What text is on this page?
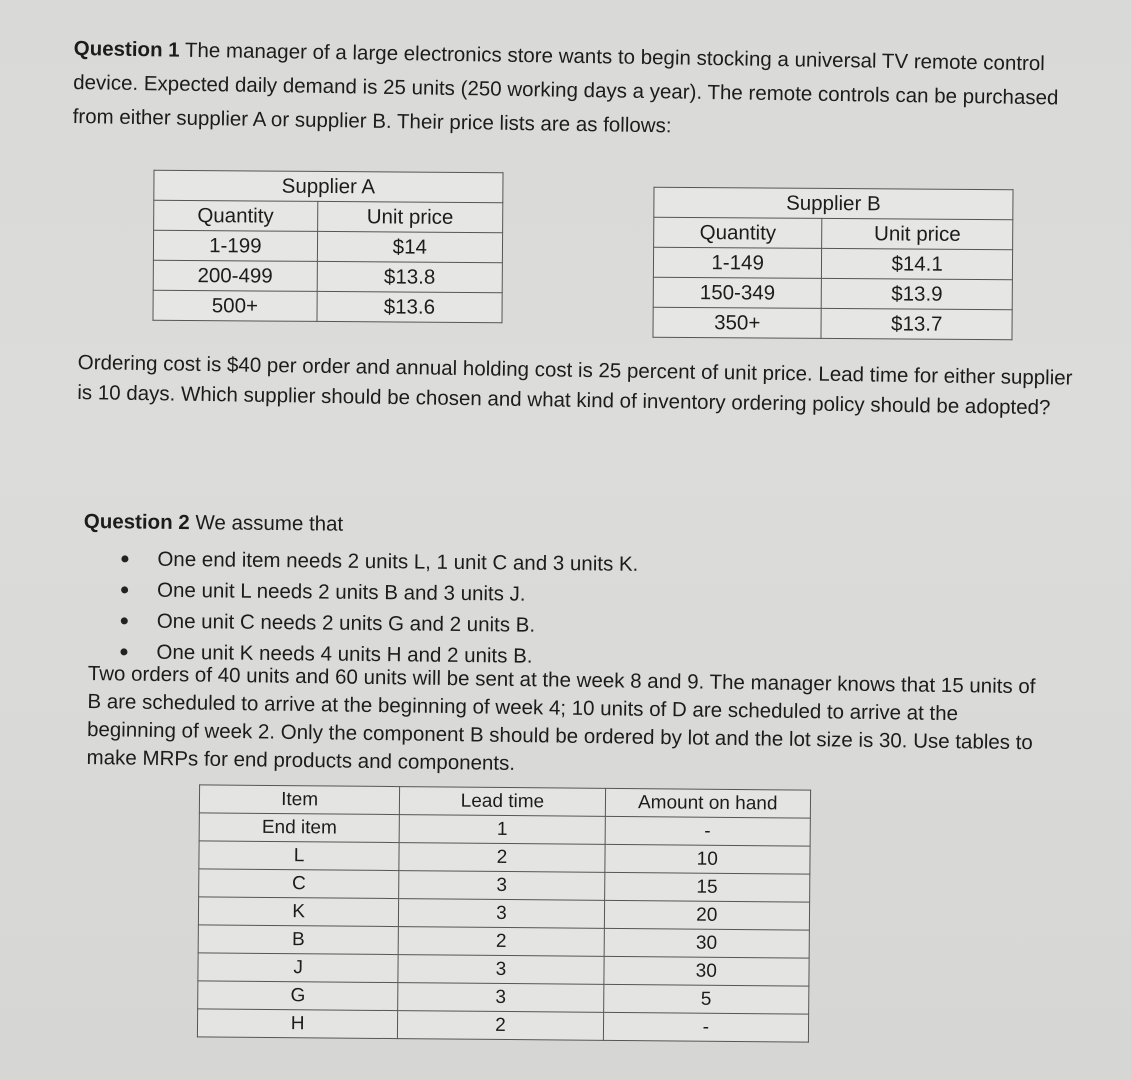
Question 1 The manager of a large electronics store wants to begin stocking a universal TV remote control device. Expected daily demand is 25 units (250 working days a year). The remote controls can be purchased from either supplier A or supplier B. Their price lists are as follows:

Supplier A	
Quantity	Unit price
1-199	$14
200-499	$13.8
500+	$13.6
Supplier B	
Quantity	Unit price
1-149	$14.1
150-349	$13.9
350+	$13.7

Ordering cost is $40 per order and annual holding cost is 25 percent of unit price. Lead time for either supplier is 10 days. Which supplier should be chosen and what kind of inventory ordering policy should be adopted?

Question 2 We assume that
One end item needs 2 units L, 1 unit C and 3 units K.
One unit L needs 2 units B and 3 units J.
One unit C needs 2 units G and 2 units B.
One unit K needs 4 units H and 2 units B.

Two orders of 40 units and 60 units will be sent at the week 8 and 9. The manager knows that 15 units of B are scheduled to arrive at the beginning of week 4; 10 units of D are scheduled to arrive at the beginning of week 2. Only the component B should be ordered by lot and the lot size is 30. Use tables to make MRPs for end products and components.

Item	Lead time	Amount on hand
End item	1	-
L	2	10
C	3	15
K	3	20
B	2	30
J	3	30
G	3	5
H	2	-
